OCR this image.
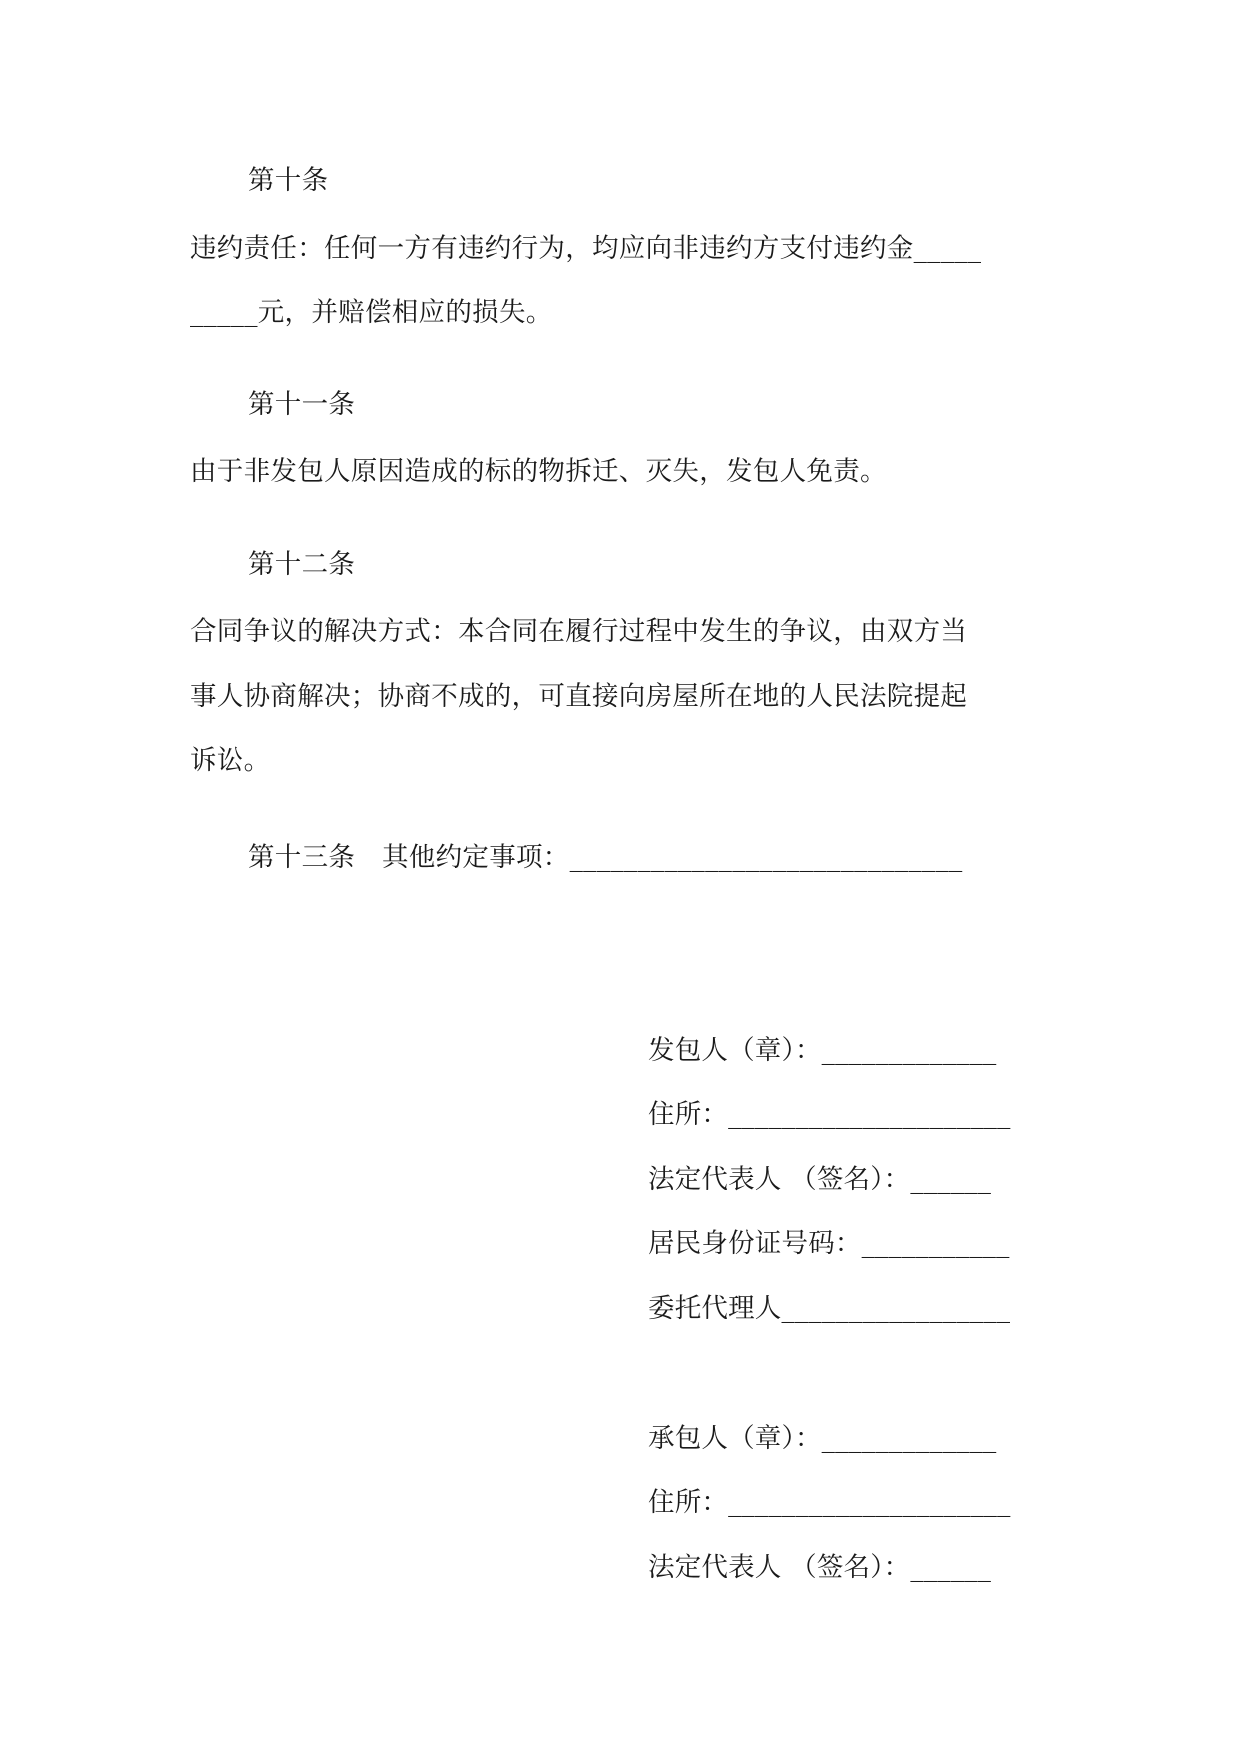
第十条
违约责任：任何一方有违约行为，均应向非违约方支付违约金_____
_____元，并赔偿相应的损失。
第十一条
由于非发包人原因造成的标的物拆迁、灭失，发包人免责。
第十二条
合同争议的解决方式：本合同在履行过程中发生的争议，由双方当
事人协商解决；协商不成的，可直接向房屋所在地的人民法院提起
诉讼。
第十三条　其他约定事项：_____________________________
发包人（章）：_____________
住所：_____________________
法定代表人 （签名）：______
居民身份证号码：___________
委托代理人_________________
承包人（章）：_____________
住所：_____________________
法定代表人 （签名）：______
